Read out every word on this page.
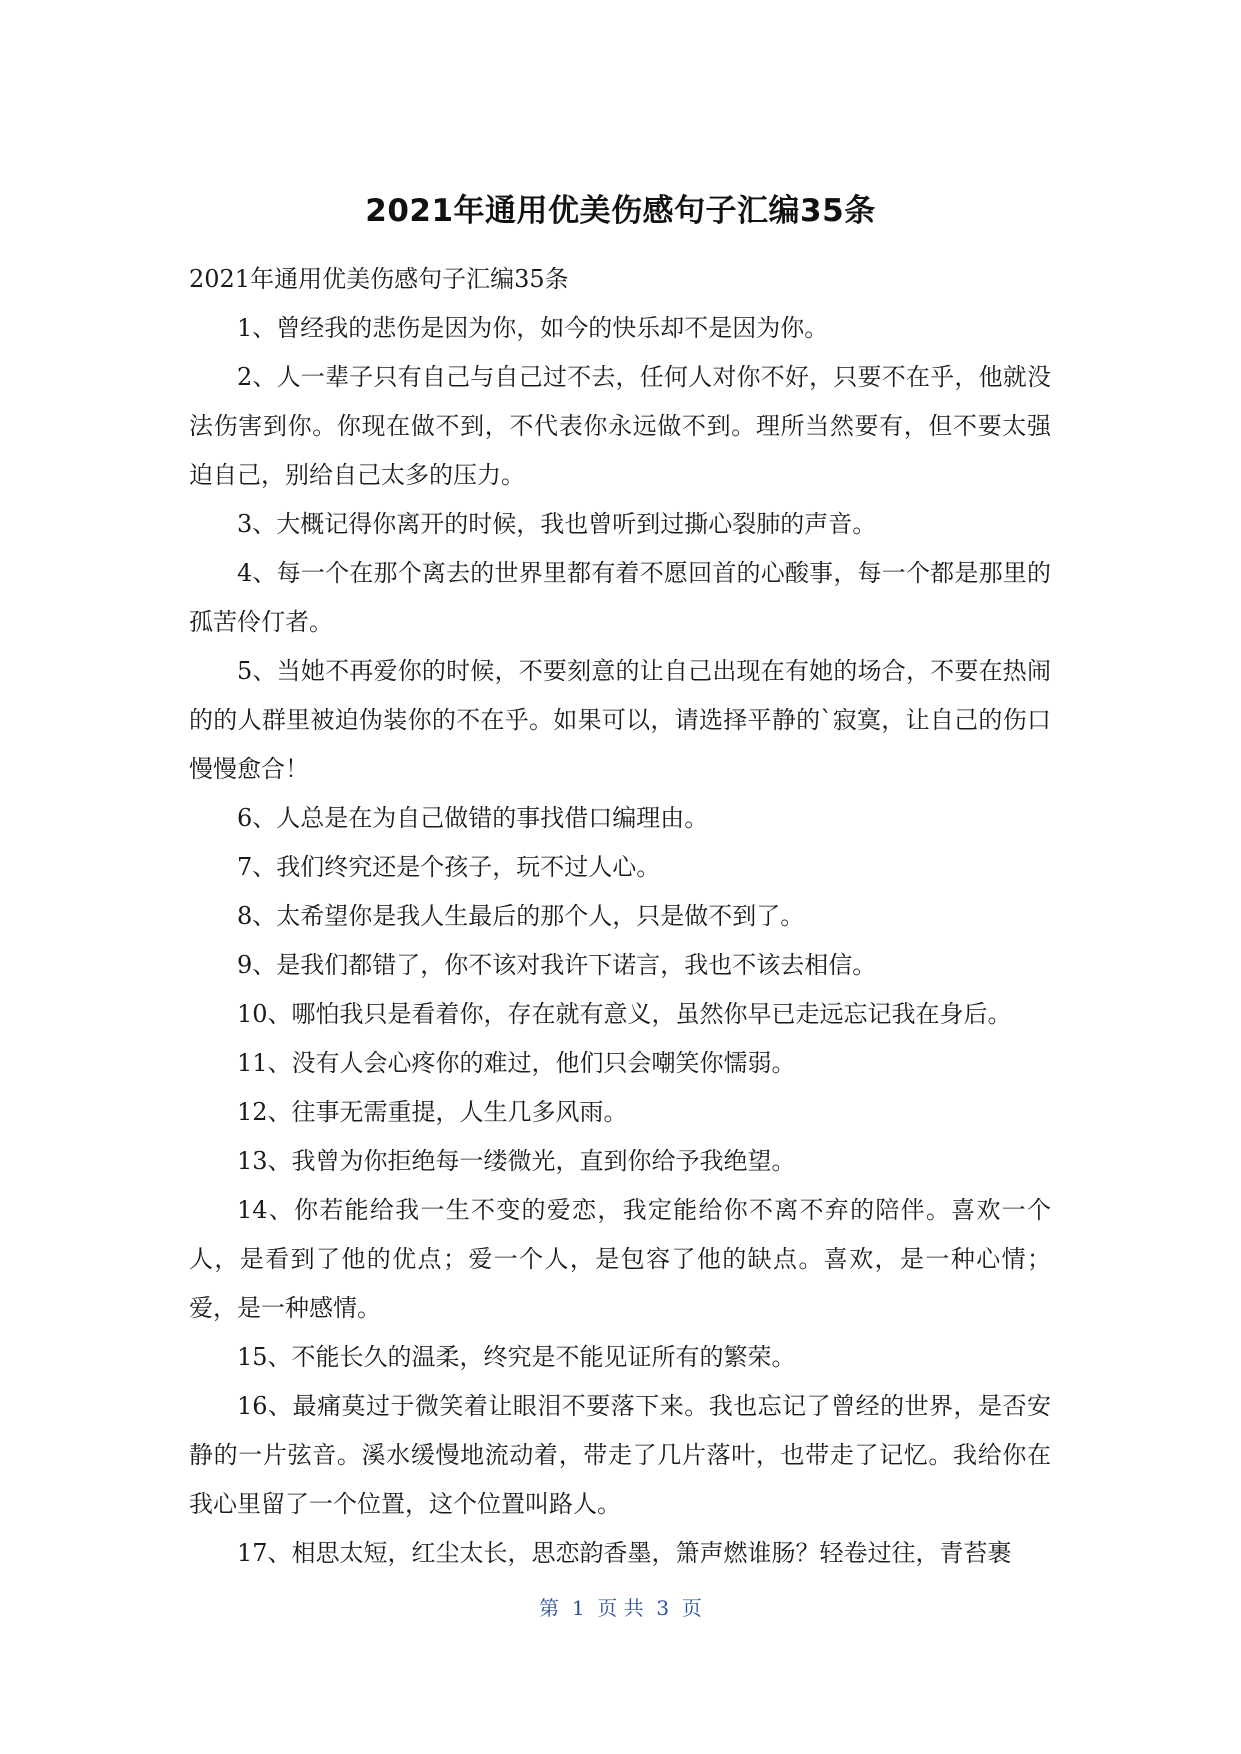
2021年通用优美伤感句子汇编35条

2021年通用优美伤感句子汇编35条

1、曾经我的悲伤是因为你，如今的快乐却不是因为你。

2、人一辈子只有自己与自己过不去，任何人对你不好，只要不在乎，他就没法伤害到你。你现在做不到，不代表你永远做不到。理所当然要有，但不要太强迫自己，别给自己太多的压力。

3、大概记得你离开的时候，我也曾听到过撕心裂肺的声音。

4、每一个在那个离去的世界里都有着不愿回首的心酸事，每一个都是那里的孤苦伶仃者。

5、当她不再爱你的时候，不要刻意的让自己出现在有她的场合，不要在热闹的的人群里被迫伪装你的不在乎。如果可以，请选择平静的`寂寞，让自己的伤口慢慢愈合！

6、人总是在为自己做错的事找借口编理由。

7、我们终究还是个孩子，玩不过人心。

8、太希望你是我人生最后的那个人，只是做不到了。

9、是我们都错了，你不该对我许下诺言，我也不该去相信。

10、哪怕我只是看着你，存在就有意义，虽然你早已走远忘记我在身后。

11、没有人会心疼你的难过，他们只会嘲笑你懦弱。

12、往事无需重提，人生几多风雨。

13、我曾为你拒绝每一缕微光，直到你给予我绝望。

14、你若能给我一生不变的爱恋，我定能给你不离不弃的陪伴。喜欢一个人，是看到了他的优点；爱一个人，是包容了他的缺点。喜欢，是一种心情；爱，是一种感情。

15、不能长久的温柔，终究是不能见证所有的繁荣。

16、最痛莫过于微笑着让眼泪不要落下来。我也忘记了曾经的世界，是否安静的一片弦音。溪水缓慢地流动着，带走了几片落叶，也带走了记忆。我给你在我心里留了一个位置，这个位置叫路人。

17、相思太短，红尘太长，思恋韵香墨，箫声燃谁肠？轻卷过往，青苔裹

第  1  页 共  3  页
